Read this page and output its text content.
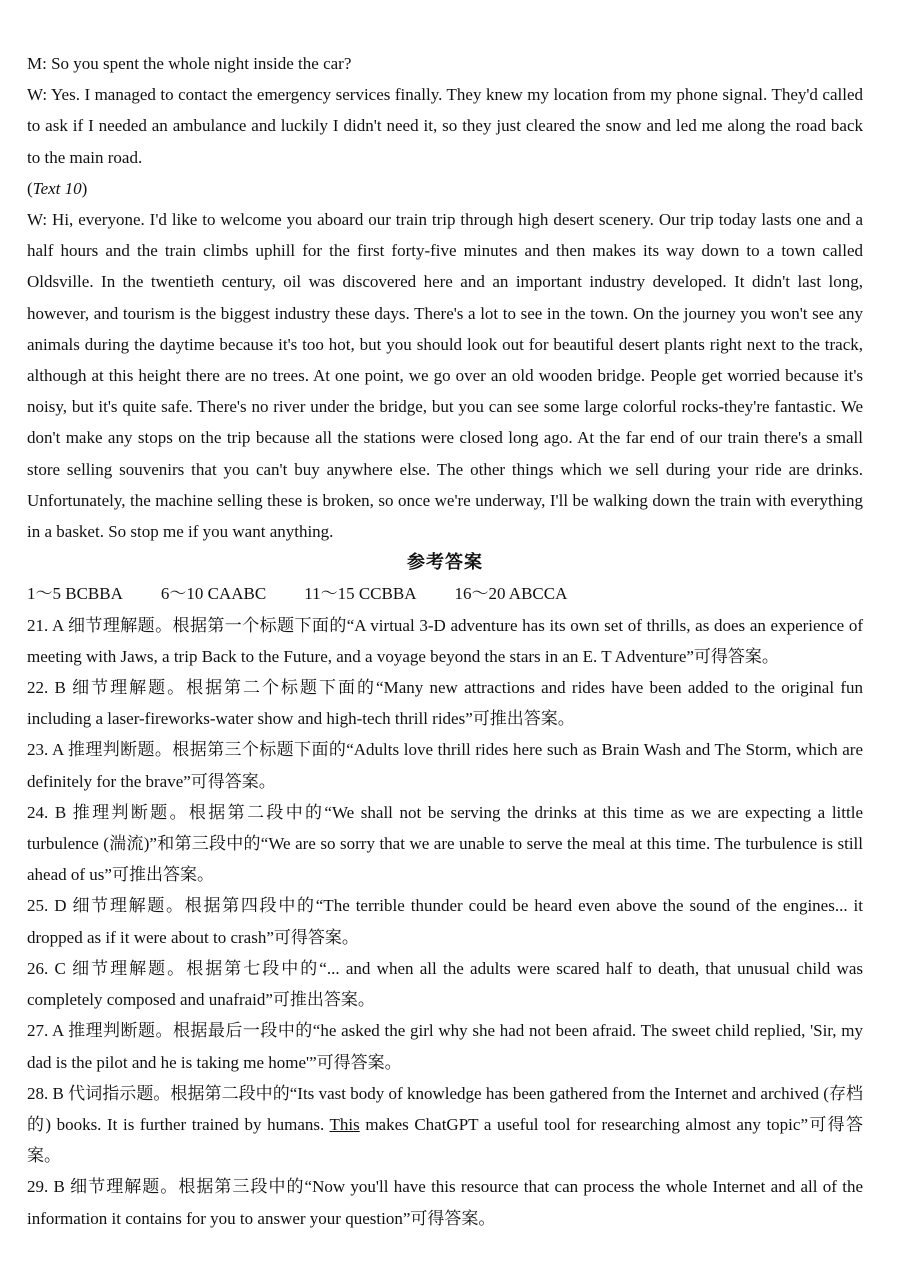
M: So you spent the whole night inside the car?

W: Yes. I managed to contact the emergency services finally. They knew my location from my phone signal. They'd called to ask if I needed an ambulance and luckily I didn't need it, so they just cleared the snow and led me along the road back to the main road.

(Text 10)

W: Hi, everyone. I'd like to welcome you aboard our train trip through high desert scenery. Our trip today lasts one and a half hours and the train climbs uphill for the first forty-five minutes and then makes its way down to a town called Oldsville. In the twentieth century, oil was discovered here and an important industry developed. It didn't last long, however, and tourism is the biggest industry these days. There's a lot to see in the town. On the journey you won't see any animals during the daytime because it's too hot, but you should look out for beautiful desert plants right next to the track, although at this height there are no trees. At one point, we go over an old wooden bridge. People get worried because it's noisy, but it's quite safe. There's no river under the bridge, but you can see some large colorful rocks-they're fantastic. We don't make any stops on the trip because all the stations were closed long ago. At the far end of our train there's a small store selling souvenirs that you can't buy anywhere else. The other things which we sell during your ride are drinks. Unfortunately, the machine selling these is broken, so once we're underway, I'll be walking down the train with everything in a basket. So stop me if you want anything.

参考答案

1～5 BCBBA 6～10 CAABC 11～15 CCBBA 16～20 ABCCA

21. A 细节理解题。根据第一个标题下面的“A virtual 3-D adventure has its own set of thrills, as does an experience of meeting with Jaws, a trip Back to the Future, and a voyage beyond the stars in an E. T Adventure”可得答案。

22. B 细节理解题。根据第二个标题下面的“Many new attractions and rides have been added to the original fun including a laser-fireworks-water show and high-tech thrill rides”可推出答案。

23. A 推理判断题。根据第三个标题下面的“Adults love thrill rides here such as Brain Wash and The Storm, which are definitely for the brave”可得答案。

24. B 推理判断题。根据第二段中的“We shall not be serving the drinks at this time as we are expecting a little turbulence (湍流)”和第三段中的“We are so sorry that we are unable to serve the meal at this time. The turbulence is still ahead of us”可推出答案。

25. D 细节理解题。根据第四段中的“The terrible thunder could be heard even above the sound of the engines... it dropped as if it were about to crash”可得答案。

26. C 细节理解题。根据第七段中的“... and when all the adults were scared half to death, that unusual child was completely composed and unafraid”可推出答案。

27. A 推理判断题。根据最后一段中的“he asked the girl why she had not been afraid. The sweet child replied, 'Sir, my dad is the pilot and he is taking me home'”可得答案。

28. B 代词指示题。根据第二段中的“Its vast body of knowledge has been gathered from the Internet and archived (存档的) books. It is further trained by humans. This makes ChatGPT a useful tool for researching almost any topic”可得答案。

29. B 细节理解题。根据第三段中的“Now you'll have this resource that can process the whole Internet and all of the information it contains for you to answer your question”可得答案。
